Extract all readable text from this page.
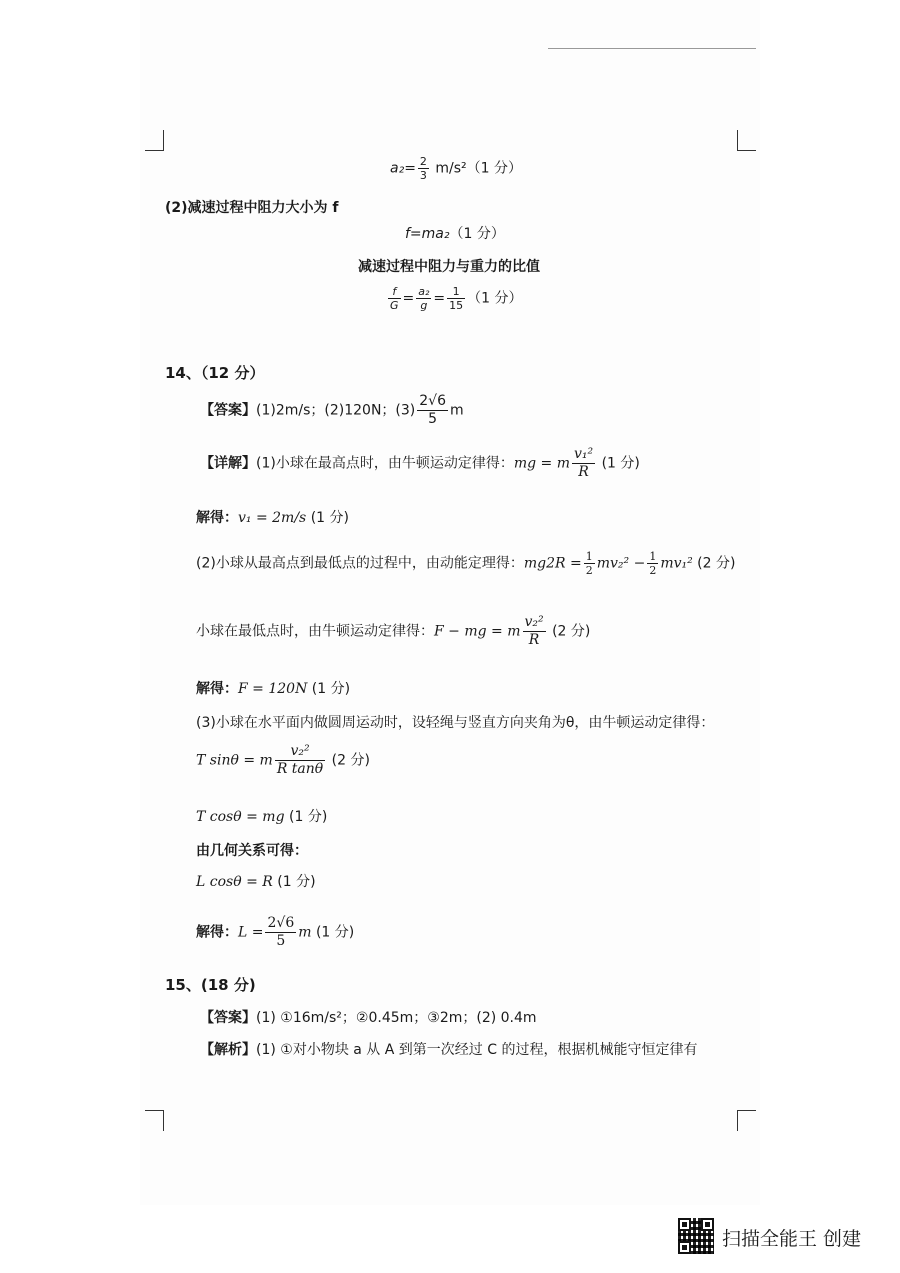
$a_2= \frac{2}{3} m/s^2(1$ 分）
(2)减速过程中阻力大小为 f
f=ma₂（1 分）
减速过程中阻力与重力的比值
$\frac{f}{G} = \frac{\text{a₂}}{g} = \frac{1}{15} (1$ 分）
14、（12 分）
【答案】(1)2m/s；(2)120N；$(3) \frac{2√6}{5}$ m
【详解】(1)小球在最高点时，由牛顿运动定律得：mg = m $\frac{\text{v₁²}}{R} (1$ 分)
解得：v₁ = 2m/s (1 分)
(2)小球从最高点到最低点的过程中，由动能定理得：$mg2R = \frac{1}{2} mv_2^2 - \frac{1}{2} mv_1^2$ (2 分)
小球在最低点时，由牛顿运动定律得：F − mg = m $\frac{\text{v₂²}}{R} (2$ 分)
解得：F = 120N (1 分)
(3)小球在水平面内做圆周运动时，设轻绳与竖直方向夹角为θ，由牛顿运动定律得：
T sinθ = m $\frac{\text{v₂²}}{\text{R tanθ}} (2$ 分)
T cosθ = mg (1 分)
由几何关系可得：
L cosθ = R (1 分)
解得：$L = \frac{2√6}{5}$ m (1 分)
15、(18 分)
【答案】(1) ①16m/s²；②0.45m；③2m；(2) 0.4m
【解析】(1) ①对小物块 a 从 A 到第一次经过 C 的过程，根据机械能守恒定律有
扫描全能王 创建
